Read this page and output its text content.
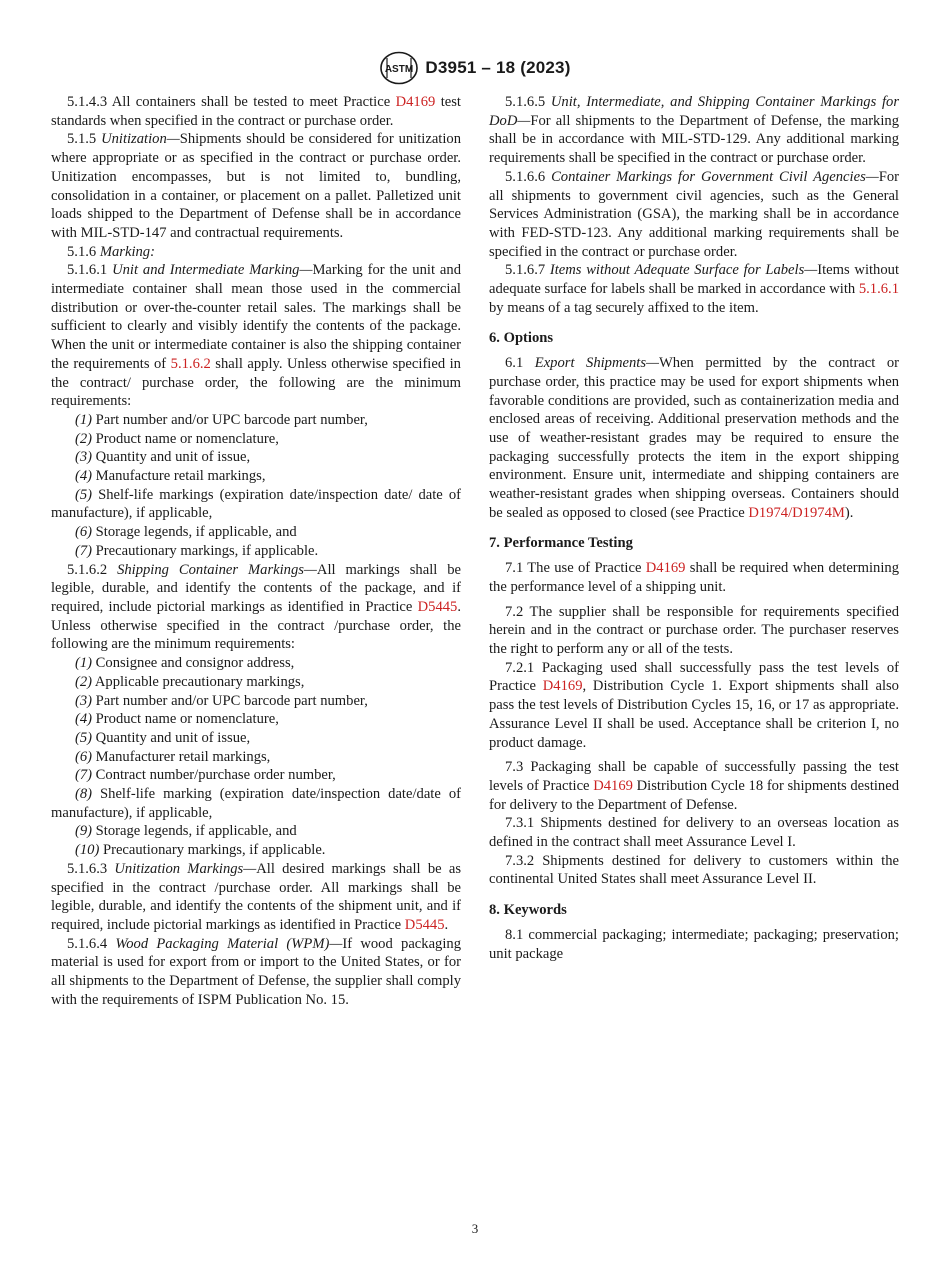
ASTM D3951 – 18 (2023)

5.1.4.3 All containers shall be tested to meet Practice D4169 test standards when specified in the contract or purchase order.

5.1.5 Unitization—Shipments should be considered for unitization where appropriate or as specified in the contract or purchase order. Unitization encompasses, but is not limited to, bundling, consolidation in a container, or placement on a pallet. Palletized unit loads shipped to the Department of Defense shall be in accordance with MIL-STD-147 and contractual requirements.

5.1.6 Marking:

5.1.6.1 Unit and Intermediate Marking—Marking for the unit and intermediate container shall mean those used in the commercial distribution or over-the-counter retail sales. The markings shall be sufficient to clearly and visibly identify the contents of the package. When the unit or intermediate container is also the shipping container the requirements of 5.1.6.2 shall apply. Unless otherwise specified in the contract/ purchase order, the following are the minimum requirements:

(1) Part number and/or UPC barcode part number,

(2) Product name or nomenclature,

(3) Quantity and unit of issue,

(4) Manufacture retail markings,

(5) Shelf-life markings (expiration date/inspection date/ date of manufacture), if applicable,

(6) Storage legends, if applicable, and

(7) Precautionary markings, if applicable.

5.1.6.2 Shipping Container Markings—All markings shall be legible, durable, and identify the contents of the package, and if required, include pictorial markings as identified in Practice D5445. Unless otherwise specified in the contract /purchase order, the following are the minimum requirements:

(1) Consignee and consignor address,

(2) Applicable precautionary markings,

(3) Part number and/or UPC barcode part number,

(4) Product name or nomenclature,

(5) Quantity and unit of issue,

(6) Manufacturer retail markings,

(7) Contract number/purchase order number,

(8) Shelf-life marking (expiration date/inspection date/date of manufacture), if applicable,

(9) Storage legends, if applicable, and

(10) Precautionary markings, if applicable.

5.1.6.3 Unitization Markings—All desired markings shall be as specified in the contract /purchase order. All markings shall be legible, durable, and identify the contents of the shipment unit, and if required, include pictorial markings as identified in Practice D5445.

5.1.6.4 Wood Packaging Material (WPM)—If wood packaging material is used for export from or import to the United States, or for all shipments to the Department of Defense, the supplier shall comply with the requirements of ISPM Publication No. 15.

5.1.6.5 Unit, Intermediate, and Shipping Container Markings for DoD—For all shipments to the Department of Defense, the marking shall be in accordance with MIL-STD-129. Any additional marking requirements shall be specified in the contract or purchase order.

5.1.6.6 Container Markings for Government Civil Agencies—For all shipments to government civil agencies, such as the General Services Administration (GSA), the marking shall be in accordance with FED-STD-123. Any additional marking requirements shall be specified in the contract or purchase order.

5.1.6.7 Items without Adequate Surface for Labels—Items without adequate surface for labels shall be marked in accordance with 5.1.6.1 by means of a tag securely affixed to the item.

6. Options

6.1 Export Shipments—When permitted by the contract or purchase order, this practice may be used for export shipments when favorable conditions are provided, such as containerization media and enclosed areas of receiving. Additional preservation methods and the use of weather-resistant grades may be required to ensure the packaging successfully protects the item in the export shipping environment. Ensure unit, intermediate and shipping containers are weather-resistant grades when shipping overseas. Containers should be sealed as opposed to closed (see Practice D1974/D1974M).

7. Performance Testing

7.1 The use of Practice D4169 shall be required when determining the performance level of a shipping unit.

7.2 The supplier shall be responsible for requirements specified herein and in the contract or purchase order. The purchaser reserves the right to perform any or all of the tests.

7.2.1 Packaging used shall successfully pass the test levels of Practice D4169, Distribution Cycle 1. Export shipments shall also pass the test levels of Distribution Cycles 15, 16, or 17 as appropriate. Assurance Level II shall be used. Acceptance shall be criterion I, no product damage.

7.3 Packaging shall be capable of successfully passing the test levels of Practice D4169 Distribution Cycle 18 for shipments destined for delivery to the Department of Defense.

7.3.1 Shipments destined for delivery to an overseas location as defined in the contract shall meet Assurance Level I.

7.3.2 Shipments destined for delivery to customers within the continental United States shall meet Assurance Level II.

8. Keywords

8.1 commercial packaging; intermediate; packaging; preservation; unit package

3
